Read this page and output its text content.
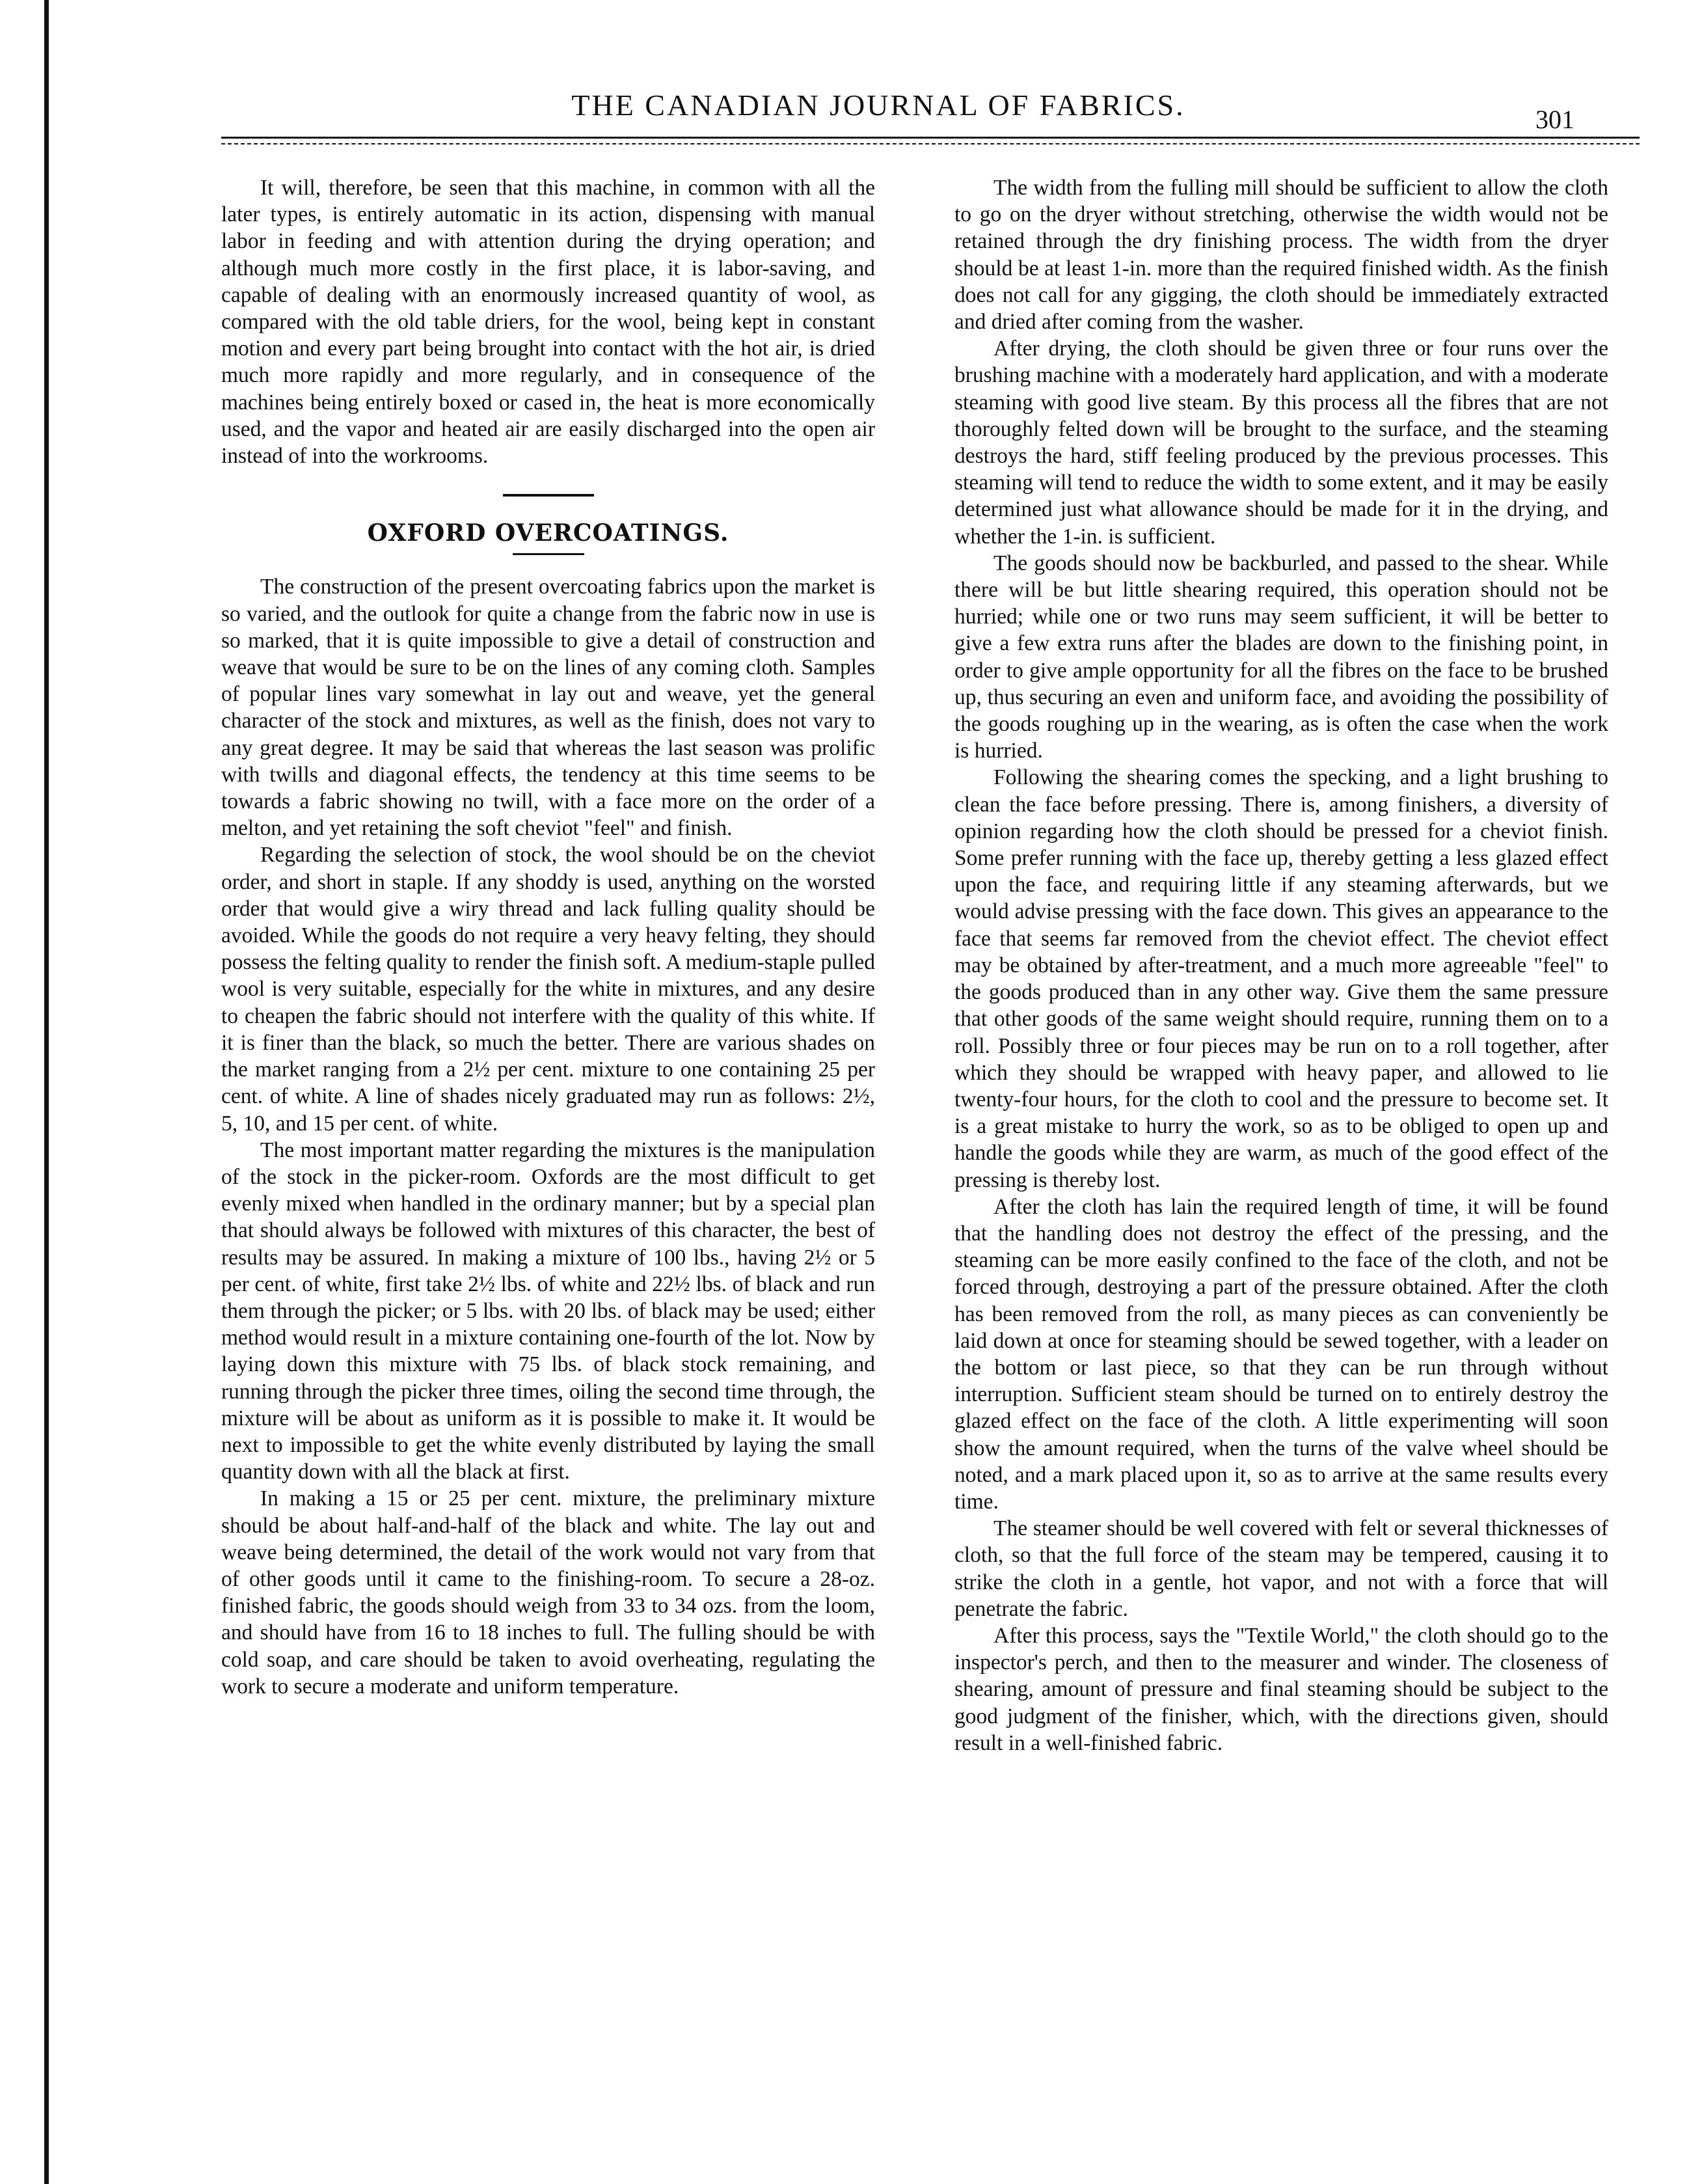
THE CANADIAN JOURNAL OF FABRICS.	301

It will, therefore, be seen that this machine, in common with all the later types, is entirely automatic in its action, dispensing with manual labor in feeding and with attention during the drying operation; and although much more costly in the first place, it is labor-saving, and capable of dealing with an enormously increased quantity of wool, as compared with the old table driers, for the wool, being kept in constant motion and every part being brought into contact with the hot air, is dried much more rapidly and more regularly, and in consequence of the machines being entirely boxed or cased in, the heat is more economically used, and the vapor and heated air are easily discharged into the open air instead of into the workrooms.

OXFORD OVERCOATINGS.

The construction of the present overcoating fabrics upon the market is so varied, and the outlook for quite a change from the fabric now in use is so marked, that it is quite impossible to give a detail of construction and weave that would be sure to be on the lines of any coming cloth. Samples of popular lines vary somewhat in lay out and weave, yet the general character of the stock and mixtures, as well as the finish, does not vary to any great degree. It may be said that whereas the last season was prolific with twills and diagonal effects, the tendency at this time seems to be towards a fabric showing no twill, with a face more on the order of a melton, and yet retaining the soft cheviot "feel" and finish.

Regarding the selection of stock, the wool should be on the cheviot order, and short in staple. If any shoddy is used, anything on the worsted order that would give a wiry thread and lack fulling quality should be avoided. While the goods do not require a very heavy felting, they should possess the felting quality to render the finish soft. A medium-staple pulled wool is very suitable, especially for the white in mixtures, and any desire to cheapen the fabric should not interfere with the quality of this white. If it is finer than the black, so much the better. There are various shades on the market ranging from a 2½ per cent. mixture to one containing 25 per cent. of white. A line of shades nicely graduated may run as follows: 2½, 5, 10, and 15 per cent. of white.

The most important matter regarding the mixtures is the manipulation of the stock in the picker-room. Oxfords are the most difficult to get evenly mixed when handled in the ordinary manner; but by a special plan that should always be followed with mixtures of this character, the best of results may be assured. In making a mixture of 100 lbs., having 2½ or 5 per cent. of white, first take 2½ lbs. of white and 22½ lbs. of black and run them through the picker; or 5 lbs. with 20 lbs. of black may be used; either method would result in a mixture containing one-fourth of the lot. Now by laying down this mixture with 75 lbs. of black stock remaining, and running through the picker three times, oiling the second time through, the mixture will be about as uniform as it is possible to make it. It would be next to impossible to get the white evenly distributed by laying the small quantity down with all the black at first.

In making a 15 or 25 per cent. mixture, the preliminary mixture should be about half-and-half of the black and white. The lay out and weave being determined, the detail of the work would not vary from that of other goods until it came to the finishing-room. To secure a 28-oz. finished fabric, the goods should weigh from 33 to 34 ozs. from the loom, and should have from 16 to 18 inches to full. The fulling should be with cold soap, and care should be taken to avoid overheating, regulating the work to secure a moderate and uniform temperature.

The width from the fulling mill should be sufficient to allow the cloth to go on the dryer without stretching, otherwise the width would not be retained through the dry finishing process. The width from the dryer should be at least 1-in. more than the required finished width. As the finish does not call for any gigging, the cloth should be immediately extracted and dried after coming from the washer.

After drying, the cloth should be given three or four runs over the brushing machine with a moderately hard application, and with a moderate steaming with good live steam. By this process all the fibres that are not thoroughly felted down will be brought to the surface, and the steaming destroys the hard, stiff feeling produced by the previous processes. This steaming will tend to reduce the width to some extent, and it may be easily determined just what allowance should be made for it in the drying, and whether the 1-in. is sufficient.

The goods should now be backburled, and passed to the shear. While there will be but little shearing required, this operation should not be hurried; while one or two runs may seem sufficient, it will be better to give a few extra runs after the blades are down to the finishing point, in order to give ample opportunity for all the fibres on the face to be brushed up, thus securing an even and uniform face, and avoiding the possibility of the goods roughing up in the wearing, as is often the case when the work is hurried.

Following the shearing comes the specking, and a light brushing to clean the face before pressing. There is, among finishers, a diversity of opinion regarding how the cloth should be pressed for a cheviot finish. Some prefer running with the face up, thereby getting a less glazed effect upon the face, and requiring little if any steaming afterwards, but we would advise pressing with the face down. This gives an appearance to the face that seems far removed from the cheviot effect. The cheviot effect may be obtained by after-treatment, and a much more agreeable "feel" to the goods produced than in any other way. Give them the same pressure that other goods of the same weight should require, running them on to a roll. Possibly three or four pieces may be run on to a roll together, after which they should be wrapped with heavy paper, and allowed to lie twenty-four hours, for the cloth to cool and the pressure to become set. It is a great mistake to hurry the work, so as to be obliged to open up and handle the goods while they are warm, as much of the good effect of the pressing is thereby lost.

After the cloth has lain the required length of time, it will be found that the handling does not destroy the effect of the pressing, and the steaming can be more easily confined to the face of the cloth, and not be forced through, destroying a part of the pressure obtained. After the cloth has been removed from the roll, as many pieces as can conveniently be laid down at once for steaming should be sewed together, with a leader on the bottom or last piece, so that they can be run through without interruption. Sufficient steam should be turned on to entirely destroy the glazed effect on the face of the cloth. A little experimenting will soon show the amount required, when the turns of the valve wheel should be noted, and a mark placed upon it, so as to arrive at the same results every time.

The steamer should be well covered with felt or several thicknesses of cloth, so that the full force of the steam may be tempered, causing it to strike the cloth in a gentle, hot vapor, and not with a force that will penetrate the fabric.

After this process, says the "Textile World," the cloth should go to the inspector's perch, and then to the measurer and winder. The closeness of shearing, amount of pressure and final steaming should be subject to the good judgment of the finisher, which, with the directions given, should result in a well-finished fabric.
